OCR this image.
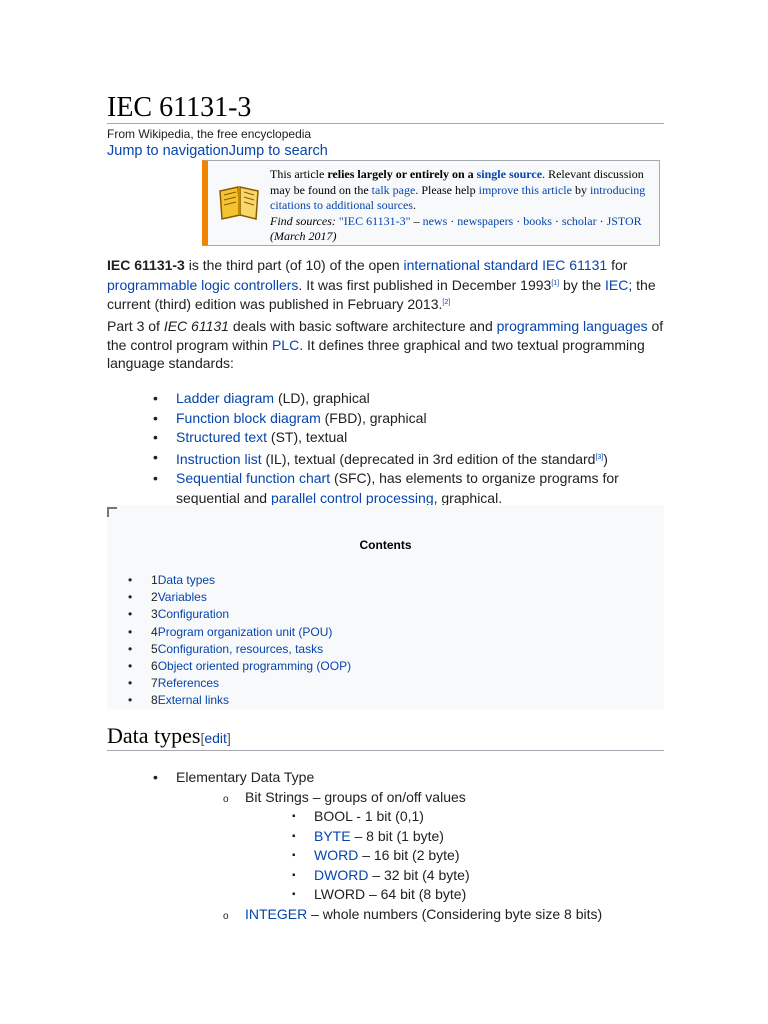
IEC 61131-3
From Wikipedia, the free encyclopedia
Jump to navigationJump to search
This article relies largely or entirely on a single source. Relevant discussion may be found on the talk page. Please help improve this article by introducing citations to additional sources.
Find sources: "IEC 61131-3" – news · newspapers · books · scholar · JSTOR (March 2017)

IEC 61131-3 is the third part (of 10) of the open international standard IEC 61131 for programmable logic controllers. It was first published in December 1993[1] by the IEC; the current (third) edition was published in February 2013.[2]

Part 3 of IEC 61131 deals with basic software architecture and programming languages of the control program within PLC. It defines three graphical and two textual programming language standards:

• Ladder diagram (LD), graphical
• Function block diagram (FBD), graphical
• Structured text (ST), textual
• Instruction list (IL), textual (deprecated in 3rd edition of the standard[3])
• Sequential function chart (SFC), has elements to organize programs for sequential and parallel control processing, graphical.
Contents
• 1Data types
• 2Variables
• 3Configuration
• 4Program organization unit (POU)
• 5Configuration, resources, tasks
• 6Object oriented programming (OOP)
• 7References
• 8External links
Data types[edit]
• Elementary Data Type
o Bit Strings – groups of on/off values
▪ BOOL - 1 bit (0,1)
▪ BYTE – 8 bit (1 byte)
▪ WORD – 16 bit (2 byte)
▪ DWORD – 32 bit (4 byte)
▪ LWORD – 64 bit (8 byte)
o INTEGER – whole numbers (Considering byte size 8 bits)
